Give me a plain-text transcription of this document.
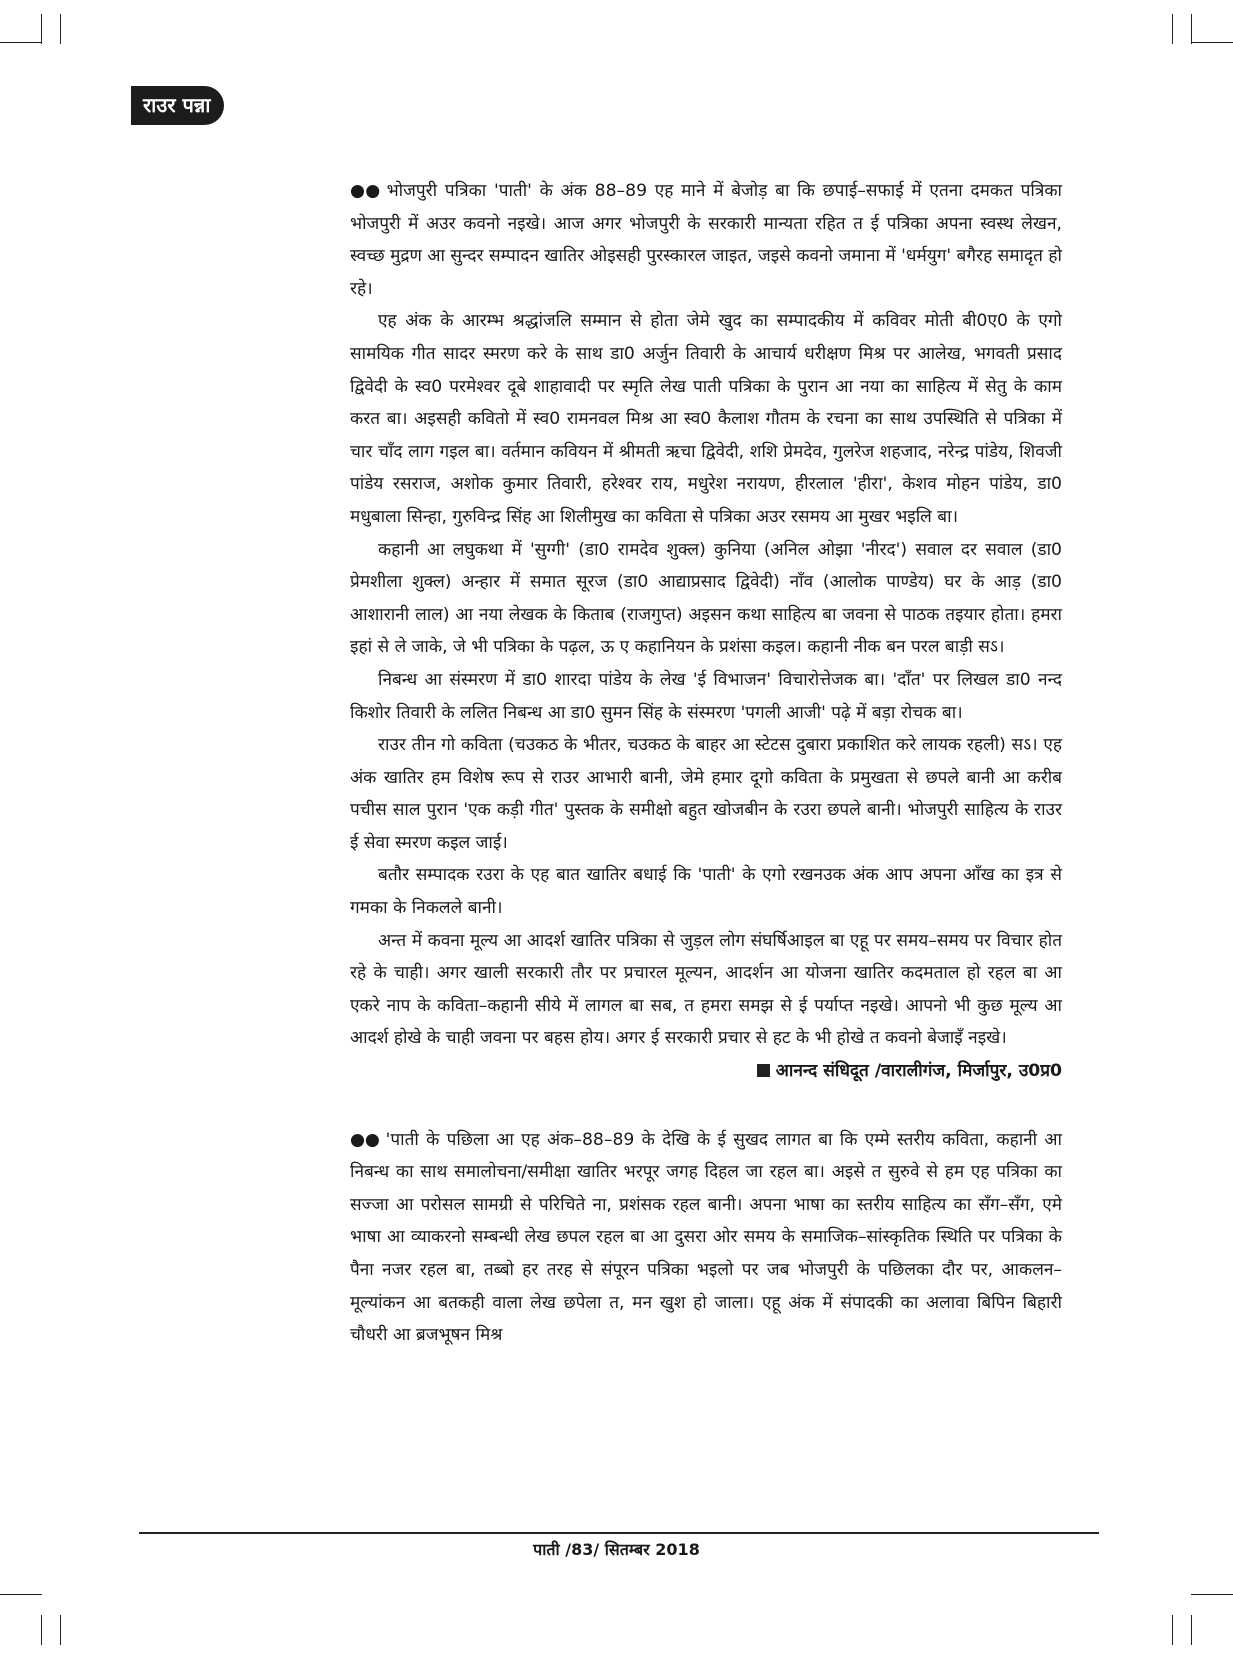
राउर पन्ना

●● भोजपुरी पत्रिका 'पाती' के अंक 88–89 एह माने में बेजोड़ बा कि छपाई–सफाई में एतना दमकत पत्रिका भोजपुरी में अउर कवनो नइखे। आज अगर भोजपुरी के सरकारी मान्यता रहित त ई पत्रिका अपना स्वस्थ लेखन, स्वच्छ मुद्रण आ सुन्दर सम्पादन खातिर ओइसही पुरस्कारल जाइत, जइसे कवनो जमाना में 'धर्मयुग' बगैरह समादृत हो रहे।

एह अंक के आरम्भ श्रद्धांजलि सम्मान से होता जेमे खुद का सम्पादकीय में कविवर मोती बी0ए0 के एगो सामयिक गीत सादर स्मरण करे के साथ डा0 अर्जुन तिवारी के आचार्य धरीक्षण मिश्र पर आलेख, भगवती प्रसाद द्विवेदी के स्व0 परमेश्वर दूबे शाहावादी पर स्मृति लेख पाती पत्रिका के पुरान आ नया का साहित्य में सेतु के काम करत बा। अइसही कवितो में स्व0 रामनवल मिश्र आ स्व0 कैलाश गौतम के रचना का साथ उपस्थिति से पत्रिका में चार चाँद लाग गइल बा। वर्तमान कवियन में श्रीमती ऋचा द्विवेदी, शशि प्रेमदेव, गुलरेज शहजाद, नरेन्द्र पांडेय, शिवजी पांडेय रसराज, अशोक कुमार तिवारी, हरेश्वर राय, मधुरेश नरायण, हीरलाल 'हीरा', केशव मोहन पांडेय, डा0 मधुबाला सिन्हा, गुरुविन्द्र सिंह आ शिलीमुख का कविता से पत्रिका अउर रसमय आ मुखर भइलि बा।

कहानी आ लघुकथा में 'सुग्गी' (डा0 रामदेव शुक्ल) कुनिया (अनिल ओझा 'नीरद') सवाल दर सवाल (डा0 प्रेमशीला शुक्ल) अन्हार में समात सूरज (डा0 आद्याप्रसाद द्विवेदी) नाँव (आलोक पाण्डेय) घर के आड़ (डा0 आशारानी लाल) आ नया लेखक के किताब (राजगुप्त) अइसन कथा साहित्य बा जवना से पाठक तइयार होता। हमरा इहां से ले जाके, जे भी पत्रिका के पढ़ल, ऊ ए कहानियन के प्रशंसा कइल। कहानी नीक बन परल बाड़ी सऽ।

निबन्ध आ संस्मरण में डा0 शारदा पांडेय के लेख 'ई विभाजन' विचारोत्तेजक बा। 'दाँत' पर लिखल डा0 नन्द किशोर तिवारी के ललित निबन्ध आ डा0 सुमन सिंह के संस्मरण 'पगली आजी' पढ़े में बड़ा रोचक बा।

राउर तीन गो कविता (चउकठ के भीतर, चउकठ के बाहर आ स्टेटस दुबारा प्रकाशित करे लायक रहली) सऽ। एह अंक खातिर हम विशेष रूप से राउर आभारी बानी, जेमे हमार दूगो कविता के प्रमुखता से छपले बानी आ करीब पचीस साल पुरान 'एक कड़ी गीत' पुस्तक के समीक्षो बहुत खोजबीन के रउरा छपले बानी। भोजपुरी साहित्य के राउर ई सेवा स्मरण कइल जाई।

बतौर सम्पादक रउरा के एह बात खातिर बधाई कि 'पाती' के एगो रखनउक अंक आप अपना आँख का इत्र से गमका के निकलले बानी।

अन्त में कवना मूल्य आ आदर्श खातिर पत्रिका से जुड़ल लोग संघर्षिआइल बा एहू पर समय–समय पर विचार होत रहे के चाही। अगर खाली सरकारी तौर पर प्रचारल मूल्यन, आदर्शन आ योजना खातिर कदमताल हो रहल बा आ एकरे नाप के कविता–कहानी सीये में लागल बा सब, त हमरा समझ से ई पर्याप्त नइखे। आपनो भी कुछ मूल्य आ आदर्श होखे के चाही जवना पर बहस होय। अगर ई सरकारी प्रचार से हट के भी होखे त कवनो बेजाइँ नइखे।

आनन्द संधिदूत /वारालीगंज, मिर्जापुर, उ0प्र0

●● 'पाती के पछिला आ एह अंक–88–89 के देखि के ई सुखद लागत बा कि एम्मे स्तरीय कविता, कहानी आ निबन्ध का साथ समालोचना/समीक्षा खातिर भरपूर जगह दिहल जा रहल बा। अइसे त सुरुवे से हम एह पत्रिका का सज्जा आ परोसल सामग्री से परिचिते ना, प्रशंसक रहल बानी। अपना भाषा का स्तरीय साहित्य का सँग–सँग, एमे भाषा आ व्याकरनो सम्बन्धी लेख छपल रहल बा आ दुसरा ओर समय के समाजिक–सांस्कृतिक स्थिति पर पत्रिका के पैना नजर रहल बा, तब्बो हर तरह से संपूरन पत्रिका भइलो पर जब भोजपुरी के पछिलका दौर पर, आकलन–मूल्यांकन आ बतकही वाला लेख छपेला त, मन खुश हो जाला। एहू अंक में संपादकी का अलावा बिपिन बिहारी चौधरी आ ब्रजभूषन मिश्र

पाती /83/ सितम्बर 2018
